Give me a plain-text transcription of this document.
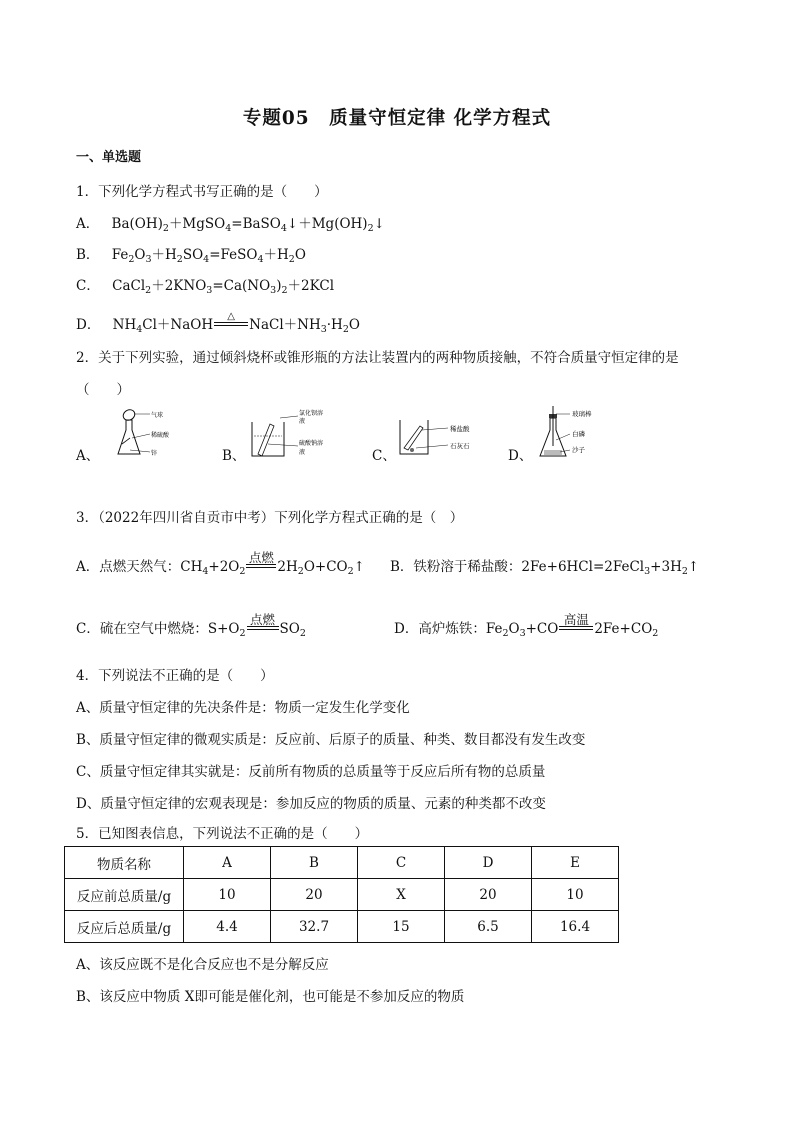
专题05　质量守恒定律 化学方程式
一、单选题
1．下列化学方程式书写正确的是（　　）
A． $Ba(OH)_2+MgSO_4=BaSO_4↓+Mg(OH)_2↓$
B． $Fe_2O_3+H_2SO_4=FeSO_4+H_2O$
C． $CaCl_2+2KNO_3=Ca(NO_3)_2+2KCl$
D． $NH_4Cl+NaOH$
△
$NaCl+NH_3\cdot H_2O$
2．关于下列实验，通过倾斜烧杯或锥形瓶的方法让装置内的两种物质接触，不符合质量守恒定律的是
（　　）
A、
气球
稀硫酸
锌	B、
氯化钡溶
液
硫酸钠溶
液	C、
稀盐酸
石灰石
D、
玻璃棒
白磷
沙子
3．（2022年四川省自贡市中考）下列化学方程式正确的是（　）
A．点燃天然气：$CH_4+2O_2$
点燃
$2H_2O+CO_2↑$ B．铁粉溶于稀盐酸：$2Fe+6HCl=2FeCl_3+3H_2↑$
C．硫在空气中燃烧：$S+O_2$
点燃
$SO_2$	D．高炉炼铁：$Fe_2O_3+CO$
高温
$2Fe+CO_2$
4．下列说法不正确的是（　　）
A、质量守恒定律的先决条件是：物质一定发生化学变化
B、质量守恒定律的微观实质是：反应前、后原子的质量、种类、数目都没有发生改变
C、质量守恒定律其实就是：反前所有物质的总质量等于反应后所有物的总质量
D、质量守恒定律的宏观表现是：参加反应的物质的质量、元素的种类都不改变
5．已知图表信息，下列说法不正确的是（　　）
物质名称	A	B	C	D	E
反应前总质量/g	10	20	X	20	10
反应后总质量/g	4.4	32.7	15	6.5	16.4
A、该反应既不是化合反应也不是分解反应
B、该反应中物质 X即可能是催化剂，也可能是不参加反应的物质
